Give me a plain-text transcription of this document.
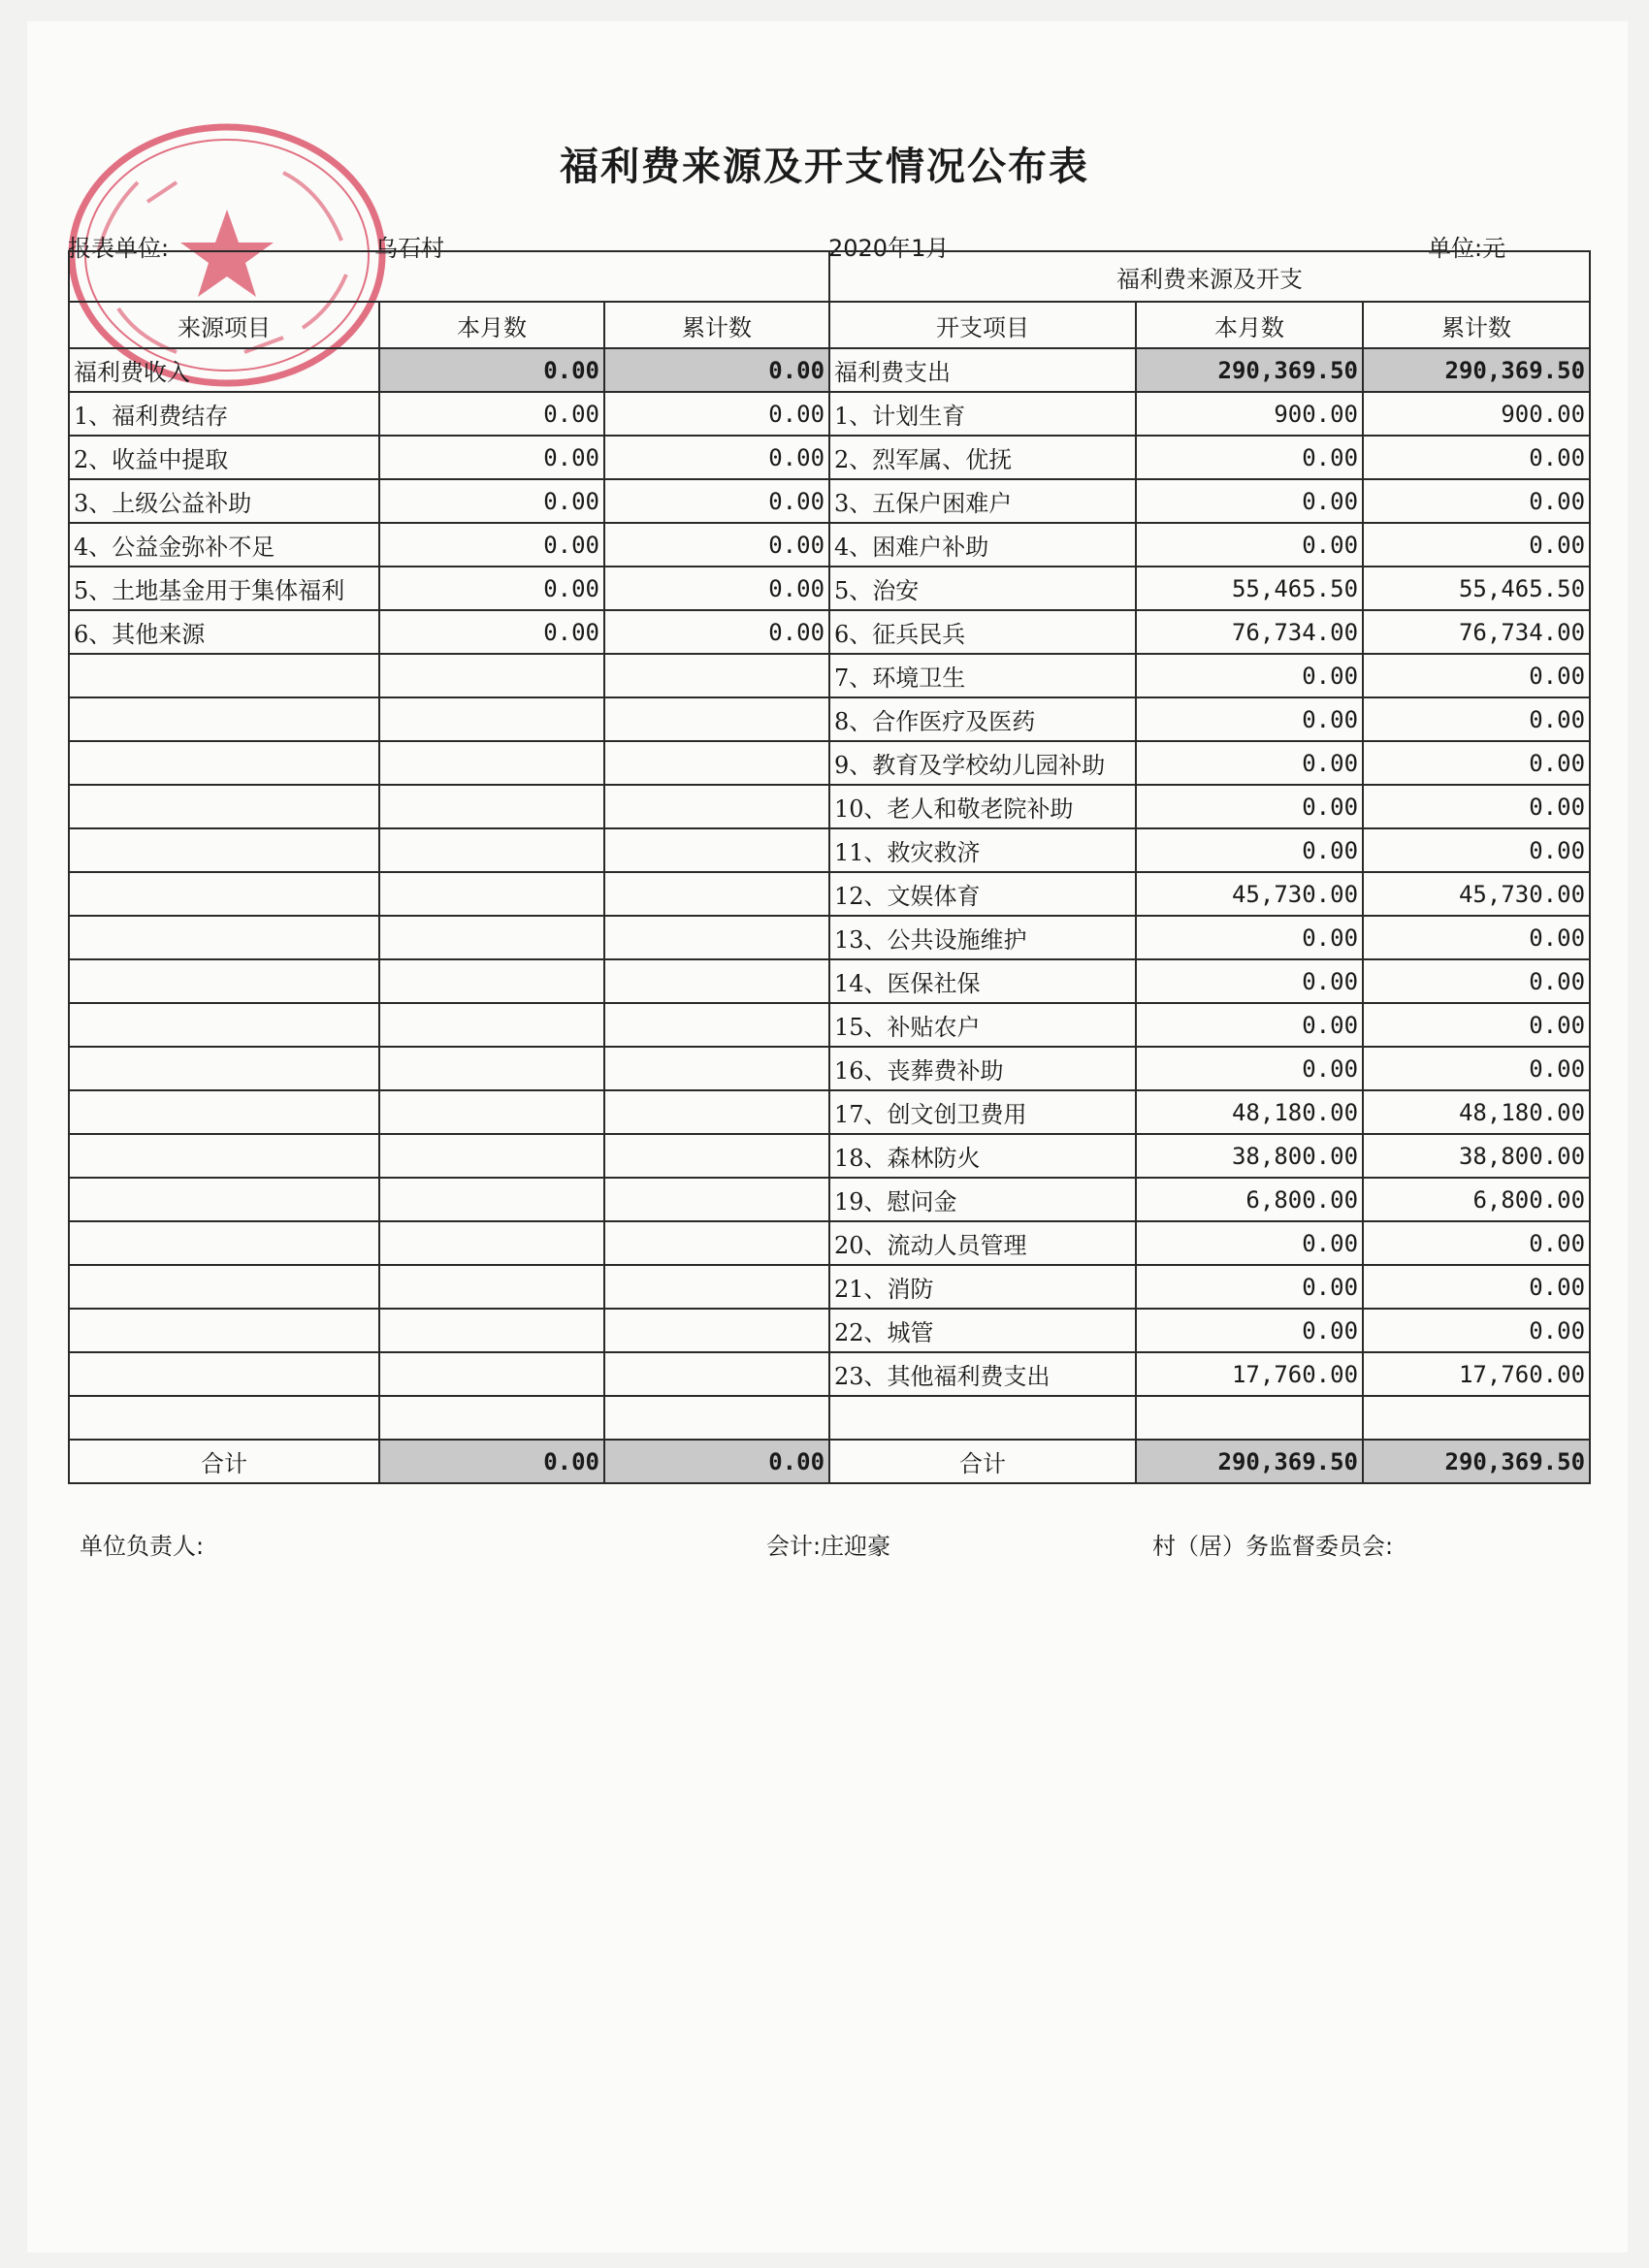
福利费来源及开支情况公布表
报表单位:	乌石村	2020年1月	单位:元
			福利费来源及开支		
来源项目	本月数	累计数	开支项目	本月数	累计数
福利费收入	0.00	0.00	福利费支出	290,369.50	290,369.50
1、福利费结存	0.00	0.00	1、计划生育	900.00	900.00
2、收益中提取	0.00	0.00	2、烈军属、优抚	0.00	0.00
3、上级公益补助	0.00	0.00	3、五保户困难户	0.00	0.00
4、公益金弥补不足	0.00	0.00	4、困难户补助	0.00	0.00
5、土地基金用于集体福利	0.00	0.00	5、治安	55,465.50	55,465.50
6、其他来源	0.00	0.00	6、征兵民兵	76,734.00	76,734.00
			7、环境卫生	0.00	0.00
			8、合作医疗及医药	0.00	0.00
			9、教育及学校幼儿园补助	0.00	0.00
			10、老人和敬老院补助	0.00	0.00
			11、救灾救济	0.00	0.00
			12、文娱体育	45,730.00	45,730.00
			13、公共设施维护	0.00	0.00
			14、医保社保	0.00	0.00
			15、补贴农户	0.00	0.00
			16、丧葬费补助	0.00	0.00
			17、创文创卫费用	48,180.00	48,180.00
			18、森林防火	38,800.00	38,800.00
			19、慰问金	6,800.00	6,800.00
			20、流动人员管理	0.00	0.00
			21、消防	0.00	0.00
			22、城管	0.00	0.00
			23、其他福利费支出	17,760.00	17,760.00

合计	0.00	0.00	合计	290,369.50	290,369.50
单位负责人:	会计:庄迎豪	村（居）务监督委员会:
